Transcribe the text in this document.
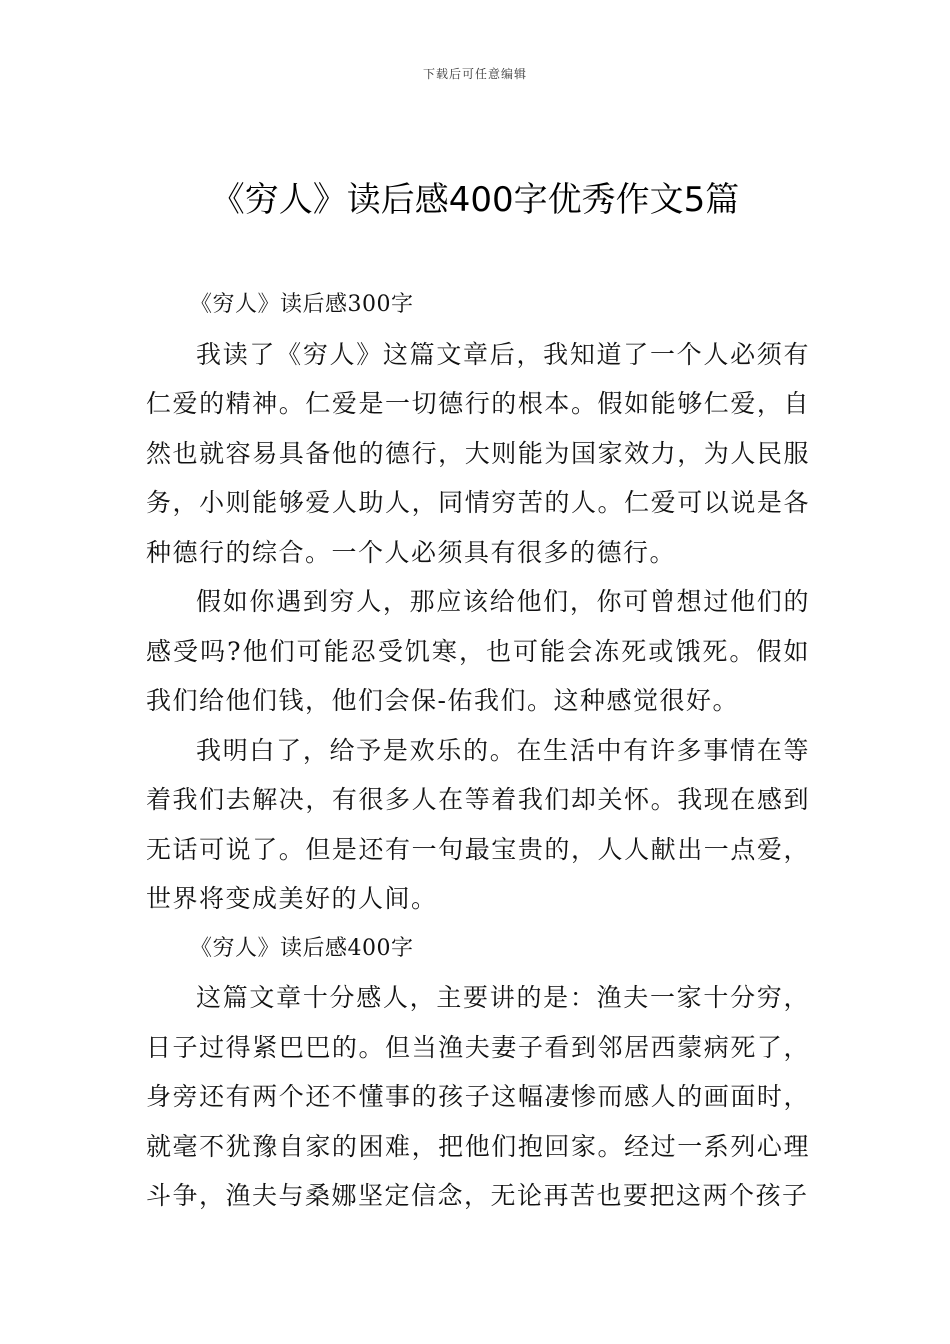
下载后可任意编辑
《穷人》读后感400字优秀作文5篇

《穷人》读后感300字

我读了《穷人》这篇文章后，我知道了一个人必须有仁爱的精神。仁爱是一切德行的根本。假如能够仁爱，自然也就容易具备他的德行，大则能为国家效力，为人民服务，小则能够爱人助人，同情穷苦的人。仁爱可以说是各种德行的综合。一个人必须具有很多的德行。

假如你遇到穷人，那应该给他们，你可曾想过他们的感受吗?他们可能忍受饥寒，也可能会冻死或饿死。假如我们给他们钱，他们会保-佑我们。这种感觉很好。

我明白了，给予是欢乐的。在生活中有许多事情在等着我们去解决，有很多人在等着我们却关怀。我现在感到无话可说了。但是还有一句最宝贵的，人人献出一点爱，世界将变成美好的人间。

《穷人》读后感400字

这篇文章十分感人，主要讲的是：渔夫一家十分穷，日子过得紧巴巴的。但当渔夫妻子看到邻居西蒙病死了，身旁还有两个还不懂事的孩子这幅凄惨而感人的画面时，就毫不犹豫自家的困难，把他们抱回家。经过一系列心理斗争，渔夫与桑娜坚定信念，无论再苦也要把这两个孩子
